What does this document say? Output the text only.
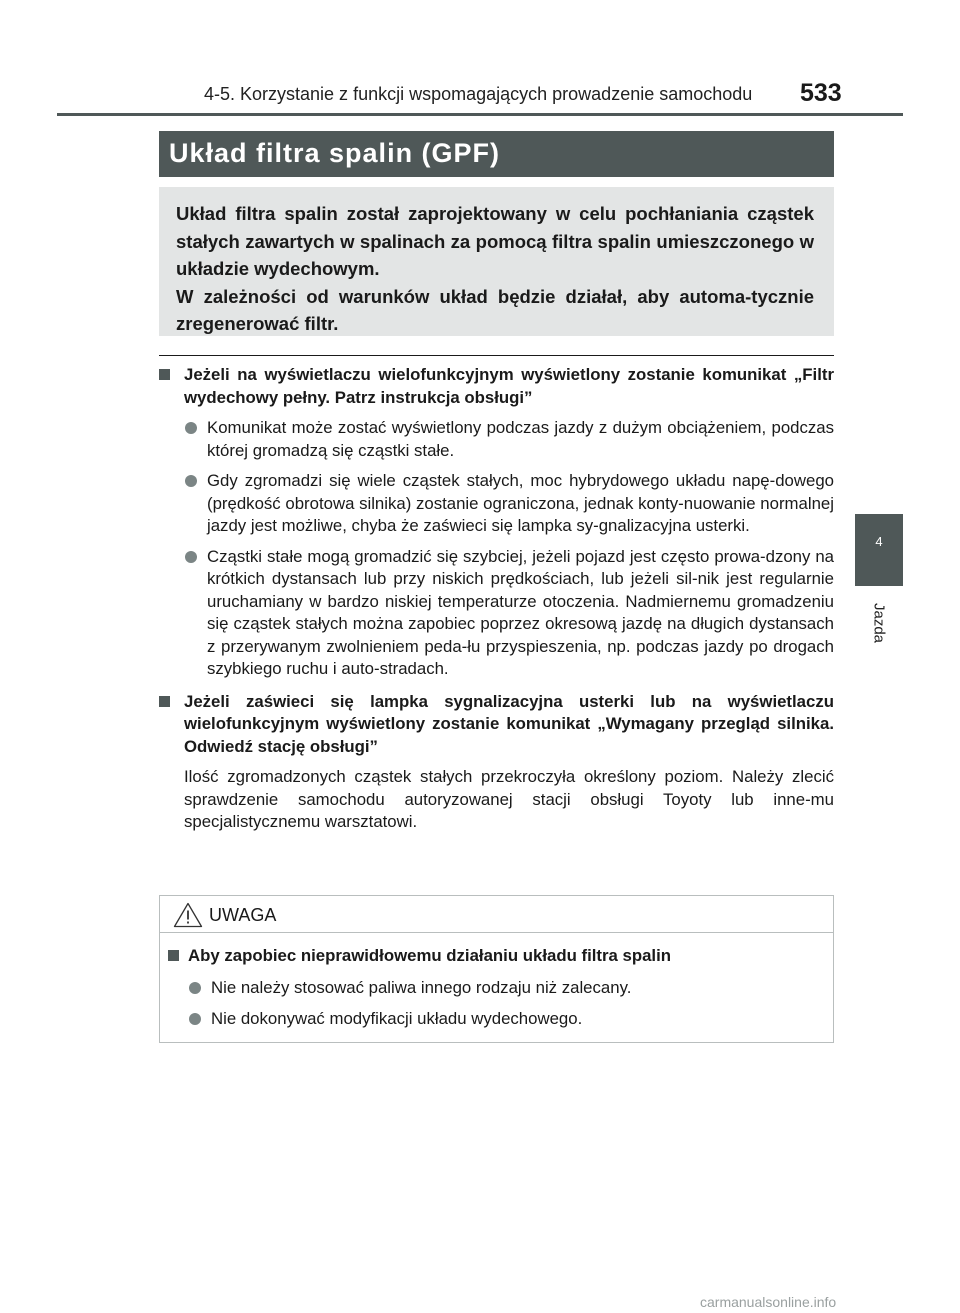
4-5. Korzystanie z funkcji wspomagających prowadzenie samochodu 533
4
Jazda
Układ filtra spalin (GPF)

Układ filtra spalin został zaprojektowany w celu pochłaniania cząstek stałych zawartych w spalinach za pomocą filtra spalin umieszczonego w układzie wydechowym.

W zależności od warunków układ będzie działał, aby automa-tycznie zregenerować filtr.

Jeżeli na wyświetlaczu wielofunkcyjnym wyświetlony zostanie komunikat „Filtr wydechowy pełny. Patrz instrukcja obsługi”
Komunikat może zostać wyświetlony podczas jazdy z dużym obciążeniem, podczas której gromadzą się cząstki stałe.
Gdy zgromadzi się wiele cząstek stałych, moc hybrydowego układu napę-dowego (prędkość obrotowa silnika) zostanie ograniczona, jednak konty-nuowanie normalnej jazdy jest możliwe, chyba że zaświeci się lampka sy-gnalizacyjna usterki.
Cząstki stałe mogą gromadzić się szybciej, jeżeli pojazd jest często prowa-dzony na krótkich dystansach lub przy niskich prędkościach, lub jeżeli sil-nik jest regularnie uruchamiany w bardzo niskiej temperaturze otoczenia. Nadmiernemu gromadzeniu się cząstek stałych można zapobiec poprzez okresową jazdę na długich dystansach z przerywanym zwolnieniem peda-łu przyspieszenia, np. podczas jazdy po drogach szybkiego ruchu i auto-stradach.
Jeżeli zaświeci się lampka sygnalizacyjna usterki lub na wyświetlaczu wielofunkcyjnym wyświetlony zostanie komunikat „Wymagany przegląd silnika. Odwiedź stację obsługi”
Ilość zgromadzonych cząstek stałych przekroczyła określony poziom. Należy zlecić sprawdzenie samochodu autoryzowanej stacji obsługi Toyoty lub inne-mu specjalistycznemu warsztatowi.
UWAGA
Aby zapobiec nieprawidłowemu działaniu układu filtra spalin
Nie należy stosować paliwa innego rodzaju niż zalecany.
Nie dokonywać modyfikacji układu wydechowego.
carmanualsonline.info
